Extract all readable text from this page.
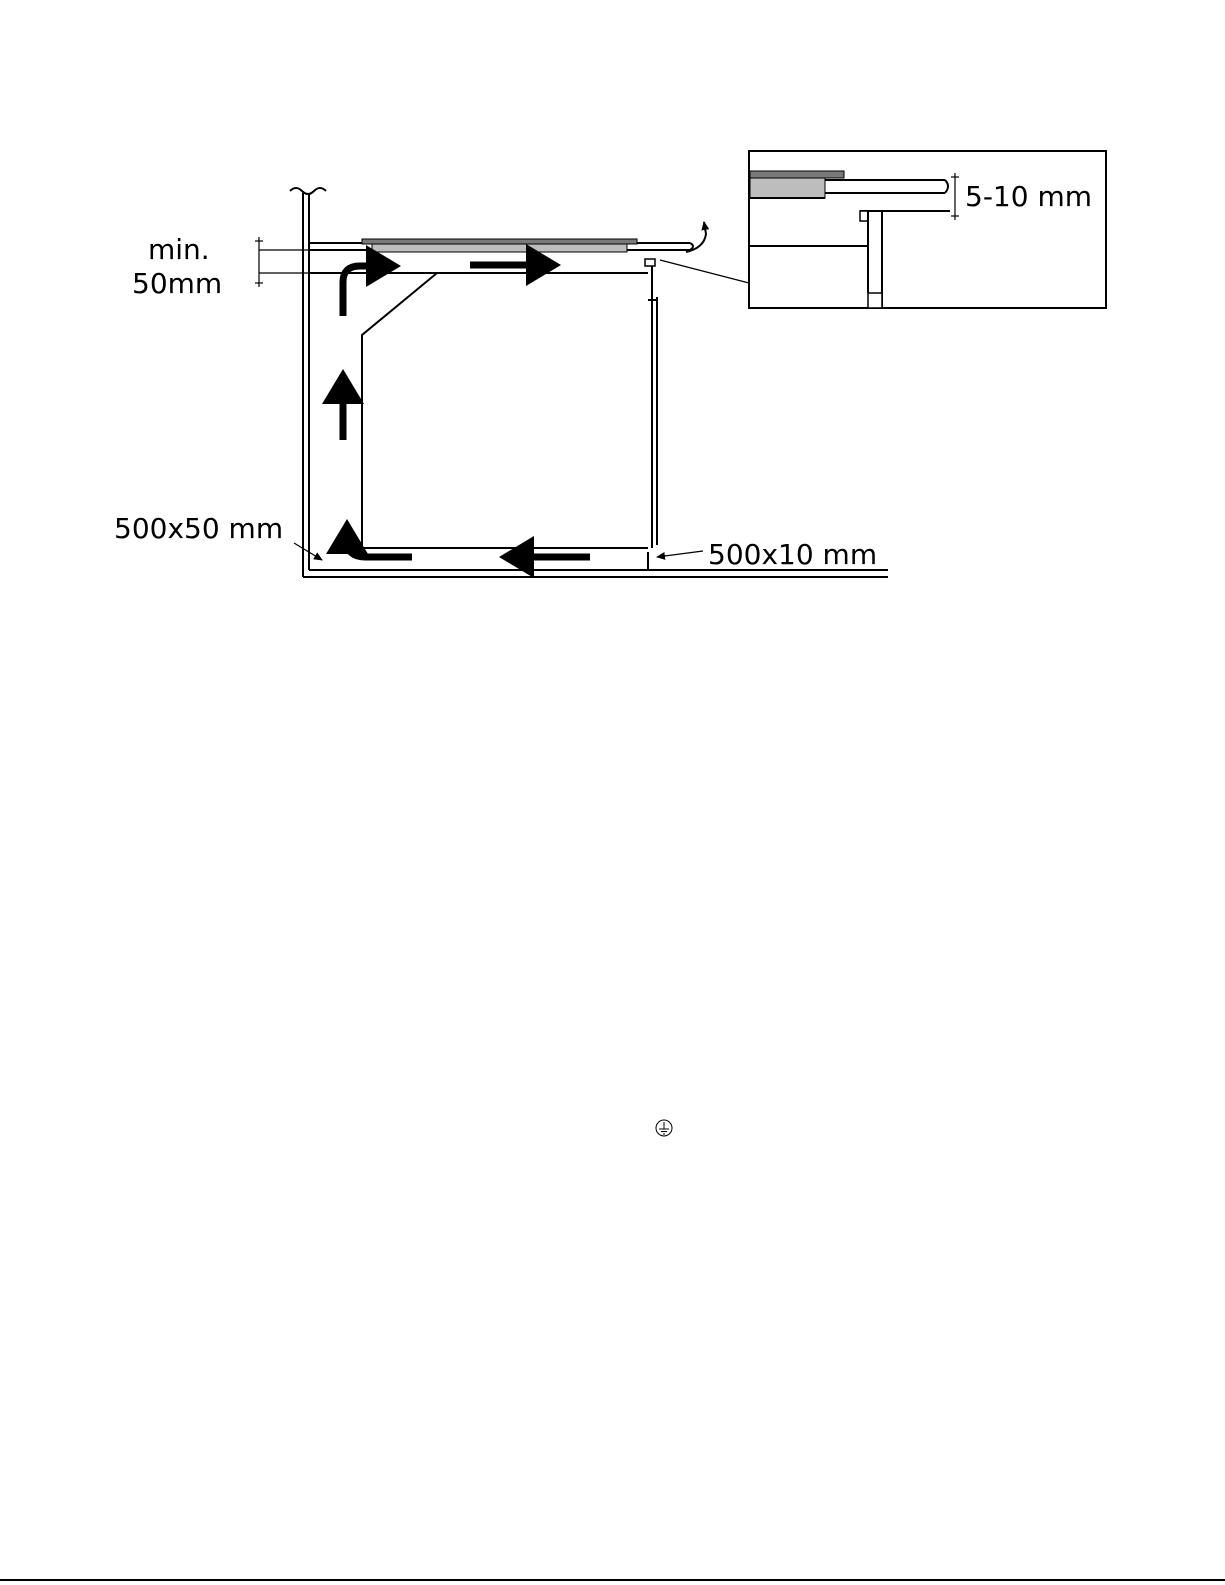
min.
50mm
500x50 mm
500x10 mm
5-10 mm
